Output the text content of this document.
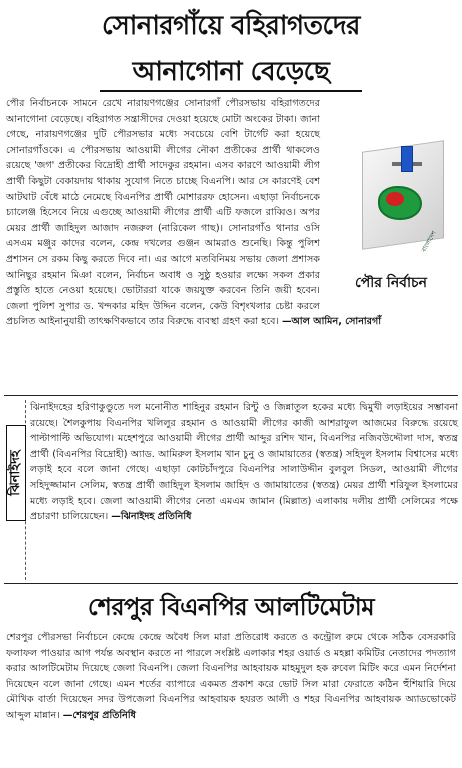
সোনারগাঁয়ে বহিরাগতদের
আনাগোনা বেড়েছে
বাংলাদেশ
পৌর নির্বাচন
পৌর নির্বাচনকে সামনে রেখে নারায়ণগঞ্জের সোনারগাঁ পৌরসভায় বহিরাগতদের আনাগোনা বেড়েছে। বহিরাগত সন্ত্রাসীদের দেওয়া হয়েছে মোটা অংকের টাকা। জানা গেছে, নারায়ণগঞ্জের দুটি পৌরসভার মধ্যে সবচেয়ে বেশি টার্গেট করা হয়েছে সোনারগাঁওকে। এ পৌরসভায় আওয়ামী লীগের নৌকা প্রতীকের প্রার্থী থাকলেও রয়েছে 'জগ' প্রতীকের বিদ্রোহী প্রার্থী সাদেকুর রহমান। এসব কারণে আওয়ামী লীগ প্রার্থী কিছুটা বেকায়দায় থাকায় সুযোগ নিতে চাচ্ছে বিএনপি। আর সে কারণেই বেশ আটঘাট বেঁধে মাঠে নেমেছে বিএনপির প্রার্থী মোশাররফ হোসেন। এছাড়া নির্বাচনকে চ্যালেঞ্জ হিসেবে নিয়ে এগুচ্ছে আওয়ামী লীগের প্রার্থী এটি ফজলে রাব্বিও। অপর মেয়র প্রার্থী জাহিদুল আজাদ নজরুল (নারিকেল গাছ)। সোনারগাঁও থানার ওসি এসএম মঞ্জুর কাদের বলেন, কেন্দ্র দখলের গুঞ্জন আমরাও শুনেছি। কিন্তু পুলিশ প্রশাসন সে রকম কিছু করতে দিবে না। এর আগে মতবিনিময় সভায় জেলা প্রশাসক আনিছুর রহমান মিঞা বলেন, নির্বাচন অবাধ ও সুষ্ঠু হওয়ার লক্ষ্যে সকল প্রকার প্রস্তুতি হাতে নেওয়া হয়েছে। ভোটাররা যাকে জয়যুক্ত করবেন তিনি জয়ী হবেন। জেলা পুলিশ সুপার ড. খন্দকার মহিদ উদ্দিন বলেন, কেউ বিশৃংখলার চেষ্টা করলে প্রচলিত আইনানুযায়ী তাৎক্ষণিকভাবে তার বিরুদ্ধে ব্যবস্থা গ্রহণ করা হবে। —আল আমিন, সোনারগাঁ
ঝিনাইদহ
ঝিনাইদহের হরিণাকুণ্ডুতে দল মনোনীত শাহিনুর রহমান রিন্টু ও জিন্নাতুল হকের মধ্যে দ্বিমুখী লড়াইয়ের সম্ভাবনা রয়েছে। শৈলকুপায় বিএনপির খলিলুর রহমান ও আওয়ামী লীগের কাজী আশরাফুল আজমের বিরুদ্ধে রয়েছে পাল্টাপাল্টি অভিযোগ। মহেশপুরে আওয়ামী লীগের প্রার্থী আব্দুর রশিদ খান, বিএনপির নজিবউদ্দৌলা দাস, স্বতন্ত্র প্রার্থী (বিএনপির বিদ্রোহী) অ্যাড. আমিরুল ইসলাম খান চুনু ও জামায়াতের (স্বতন্ত্র) সহিদুল ইসলাম বিশ্বাসের মধ্যে লড়াই হবে বলে জানা গেছে। এছাড়া কোটচাঁদপুরে বিএনপির সালাউদ্দীন বুলবুল সিডল, আওয়ামী লীগের সহিদুজ্জামান সেলিম, স্বতন্ত্র প্রার্থী জাহিদুল ইসলাম জাহিদ ও জামায়াতের (স্বতন্ত্র) মেয়র প্রার্থী শরিফুল ইসলামের মধ্যে লড়াই হবে। জেলা আওয়ামী লীগের নেতা এমএম জামান (মিল্লাত) এলাকায় দলীয় প্রার্থী সেলিমের পক্ষে প্রচারণা চালিয়েছেন। —ঝিনাইদহ প্রতিনিধি
শেরপুর বিএনপির আলটিমেটাম
শেরপুর পৌরসভা নির্বাচনে কেন্দ্রে কেন্দ্রে অবৈধ সিল মারা প্রতিরোধ করতে ও কন্ট্রোল রুমে থেকে সঠিক বেসরকারি ফলাফল পাওয়ার আগ পর্যন্ত অবস্থান করতে না পারলে সংশ্লিষ্ট এলাকার শহর ওয়ার্ড ও মহল্লা কমিটির নেতাদের পদত্যাগ করার আলটিমেটাম দিয়েছে জেলা বিএনপি। জেলা বিএনপির আহবায়ক মাহমুদুল হক রুবেল মিটিং করে এমন নির্দেশনা দিয়েছেন বলে জানা গেছে। এমন শর্তের ব্যাপারে একমত প্রকাশ করে ভোট সিল মারা ফেরাতে কঠিন হুঁশিয়ারি দিয়ে মৌখিক বার্তা দিয়েছেন সদর উপজেলা বিএনপির আহবায়ক হযরত আলী ও শহর বিএনপির আহবায়ক অ্যাডভোকেট আব্দুল মান্নান। —শেরপুর প্রতিনিধি
